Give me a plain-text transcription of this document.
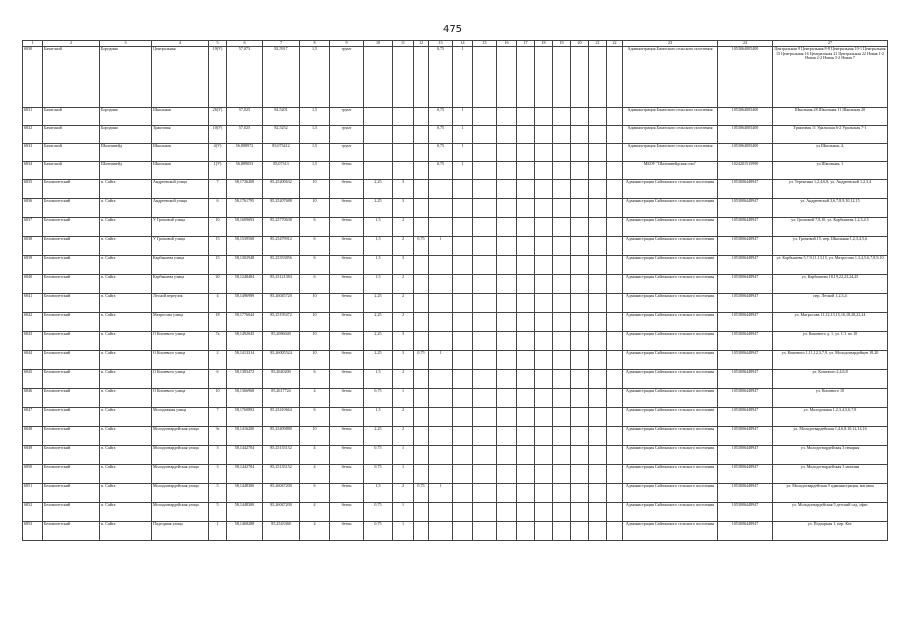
475
1	2	3	4	5	6	7	8	9	10	11	12	13	14	15	16	17	18	19	20	21	22	23	24	27
6830	Бачатский	Бородино	Центральная	19(У)	57,073	82,5917	1,5	грунт				0,75	1									Администрация Бачатского сельского поселения	1053064005400	Центральная 9 Центральная 8-8 Центральная 10-1 Центральная 15 Центральная 16 Центральная 21 Центральная 22 Новая 1-2 Новая 2-2 Новая 3-2 Новая 7
6831	Бачатский	Бородино	Школьная	26(У)	57,025	82,5201	1,5	грунт				0,75	1									Администрация Бачатского сельского поселения	1053064005400	Школьная 28 Школьная 11 Школьная 20
6832	Бачатский	Бородино	Трактовая	10(У)	57,025	82,5252	1,5	грунт				0,75	1									Администрация Бачатского сельского поселения	1053064005400	Трактовая 11 Уральская 6-2 Уральская 7-1
6833	Бачатский	Шалешвейд	Школьная	4(У)	56,888972	85,073412	1,5	грунт				0,75	1									Администрация Бачатского сельского поселения	1053064005400	ул.Школьная, 4,
6834	Бачатский	Шалешвейд	Школьная	1(У)	56,889053	85,07313	1,5	бетон				0,75	1									МБОУ "Шалешвейдская сош"	1024201515990	ул.Школьная, 1
6835	Беловопетский	п. Сайга	Андреевской улица	7	58,1726208	85,25200632	10	бетон	2,25	3												Администрация Сайгинского сельского поселения	1053006448947	ул. Терентина 1,2,4,6,8, ул. Андреевской 1,2,3,4
6836	Беловопетский	п. Сайга	Андреевской улица	6	58,1761795	85,25207688	10	бетон	2,25	3												Администрация Сайгинского сельского поселения	1053006448947	ул. Андреевской 3,6,7,8,9,10,12,15
6837	Беловопетский	п. Сайга	У Громовой улица	10	58,1609693	85,25770638	6	бетон	1,5	2												Администрация Сайгинского сельского поселения	1053006448947	ул. Громовой 7,8,10, ул. Карбышева 1,2,3,4,5
6838	Беловопетский	п. Сайга	У Громовой улица	15	58,1539568	85,25479912	6	бетон	1,5	2	0,75	1										Администрация Сайгинского сельского поселения	1053006448947	ул. Громовой 15, пер. Школьная 1,2,3,4,5,6
6839	Беловопетский	п. Сайга	Карбышева улица	15	58,1302948	85,25353856	6	бетон	1,5	3												Администрация Сайгинского сельского поселения	1053006448947	ул. Карбышева 5,7,9,11,13,15, ул. Матросова 1,3,4,5,6,7,8,9,10
6840	Беловопетский	п. Сайга	Карбышева улица	20	58,1248484	85,25121384	6	бетон	1,5	2												Администрация Сайгинского сельского поселения	1053006448947	ул. Карбышева 18,19,22,23,24,25
6841	Беловопетский	п. Сайга	Лесной переулок	4	58,1496989	85,26045720	10	бетон	2,25	2												Администрация Сайгинского сельского поселения	1053006448947	пер. Лесной 1,2,3,4
6842	Беловопетский	п. Сайга	Матросова улица	18	58,1776644	85,25195472	10	бетон	2,25	2												Администрация Сайгинского сельского поселения	1053006448947	ул. Матросова 11,12,13,15,16,18,20,22,24
6843	Беловопетский	п. Сайга	О Кошевого улица	7а	58,1492045	85,2086049	10	бетон	2,25	3												Администрация Сайгинского сельского поселения	1053006448947	ул. Кошевого д. 1, ул. С 1 по 10
6844	Беловопетский	п. Сайга	О Кошевого улица	2	58,1413314	85,26005524	10	бетон	2,25	3	0,75	1										Администрация Сайгинского сельского поселения	1053006448947	ул. Кошевого 1,11,12,3,7,9, ул. Молодогвардейцев 18,20
6845	Беловопетский	п. Сайга	О Кошевого улица	6	58,1383472	85,2640200	6	бетон	1,5	2												Администрация Сайгинского сельского поселения	1053006448947	ул. Кошевого 2,4,6,8
6846	Беловопетский	п. Сайга	О Кошевого улица	10	58,1366968	85,2617724	4	бетон	0,75	1												Администрация Сайгинского сельского поселения	1053006448947	ул. Кошевого 10
6847	Беловопетский	п. Сайга	Молодежная улица	7	58,1760892	85,25410664	6	бетон	1,5	2												Администрация Сайгинского сельского поселения	1053006448947	ул. Молодежная 1,2,3,4,5,6,7,8
6848	Беловопетский	п. Сайга	Молодогвардейская улица	3т	58,1416200	85,25409880	10	бетон	2,25	2												Администрация Сайгинского сельского поселения	1053006448947	ул. Молодогвардейская 1,4,6,8,10,12,14,16
6849	Беловопетский	п. Сайга	Молодогвардейская улица	3	58,1442704	85,25135152	4	бетон	0,75	1												Администрация Сайгинского сельского поселения	1053006448947	ул. Молодогвардейская 3 пекарня
6850	Беловопетский	п. Сайга	Молодогвардейская улица	3	58,1442704	85,25135152	4	бетон	0,75	1												Администрация Сайгинского сельского поселения	1053006448947	ул. Молодогвардейская 3 магазин
6851	Беловопетский	п. Сайга	Молодогвардейская улица	5	58,1448300	85,26047200	6	бетон	1,5	2	0,75	1										Администрация Сайгинского сельского поселения	1053006448947	ул. Молодогвардейская 5 администрация, магазин
6852	Беловопетский	п. Сайга	Молодогвардейская улица	5	58,1448300	85,26047200	4	бетон	0,75	1												Администрация Сайгинского сельского поселения	1053006448947	ул. Молодогвардейская 5 детский сад, офис
6853	Беловопетский	п. Сайга	Подгорная улица	1	58,1468288	85,2543368	4	бетон	0,75	1												Администрация Сайгинского сельского поселения	1053006448947	ул. Подгорная 1, пер. Кет.
